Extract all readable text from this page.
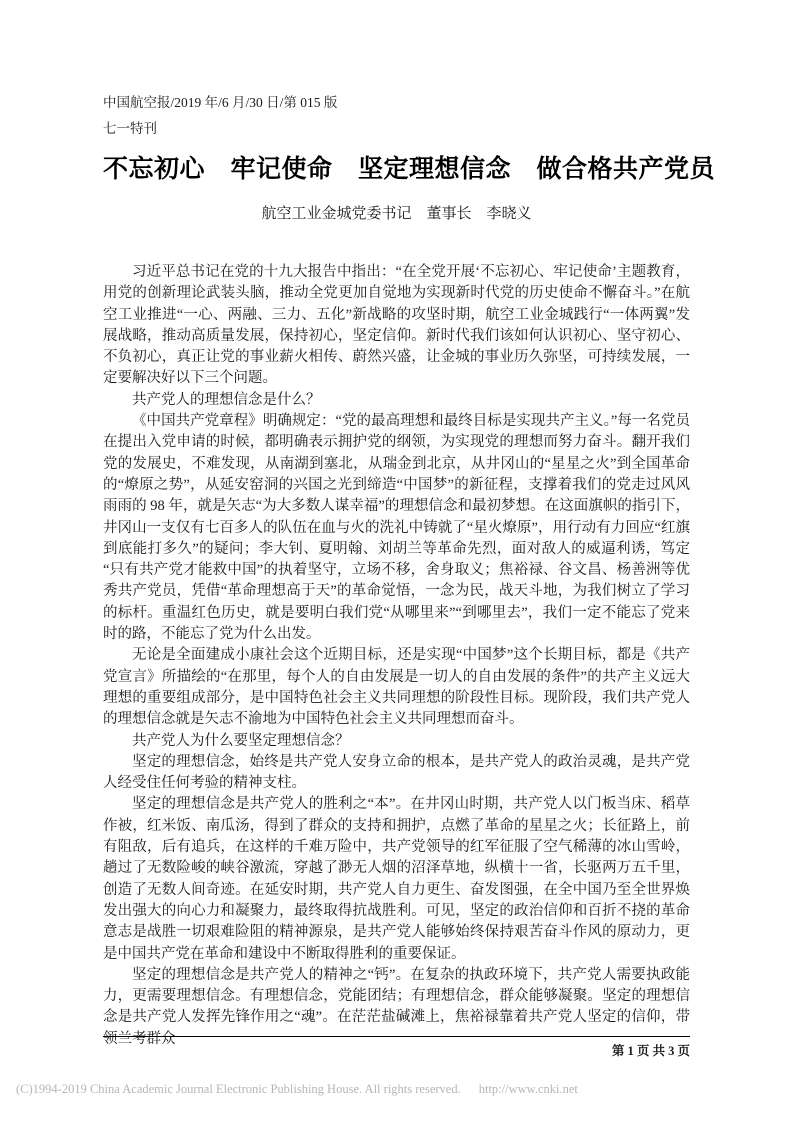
中国航空报/2019 年/6 月/30 日/第 015 版
七一特刊
不忘初心　牢记使命　坚定理想信念　做合格共产党员
航空工业金城党委书记　董事长　李晓义

习近平总书记在党的十九大报告中指出：“在全党开展‘不忘初心、牢记使命’主题教育，用党的创新理论武装头脑，推动全党更加自觉地为实现新时代党的历史使命不懈奋斗。”在航空工业推进“一心、两融、三力、五化”新战略的攻坚时期，航空工业金城践行“一体两翼”发展战略，推动高质量发展，保持初心，坚定信仰。新时代我们该如何认识初心、坚守初心、不负初心，真正让党的事业薪火相传、蔚然兴盛，让金城的事业历久弥坚，可持续发展，一定要解决好以下三个问题。

共产党人的理想信念是什么？

《中国共产党章程》明确规定：“党的最高理想和最终目标是实现共产主义。”每一名党员在提出入党申请的时候，都明确表示拥护党的纲领，为实现党的理想而努力奋斗。翻开我们党的发展史，不难发现，从南湖到塞北，从瑞金到北京，从井冈山的“星星之火”到全国革命的“燎原之势”，从延安窑洞的兴国之光到缔造“中国梦”的新征程，支撑着我们的党走过风风雨雨的 98 年，就是矢志“为大多数人谋幸福”的理想信念和最初梦想。在这面旗帜的指引下，井冈山一支仅有七百多人的队伍在血与火的洗礼中铸就了“星火燎原”，用行动有力回应“红旗到底能打多久”的疑问；李大钊、夏明翰、刘胡兰等革命先烈，面对敌人的威逼利诱，笃定“只有共产党才能救中国”的执着坚守，立场不移，舍身取义；焦裕禄、谷文昌、杨善洲等优秀共产党员，凭借“革命理想高于天”的革命觉悟，一念为民，战天斗地，为我们树立了学习的标杆。重温红色历史，就是要明白我们党“从哪里来”“到哪里去”，我们一定不能忘了党来时的路，不能忘了党为什么出发。

无论是全面建成小康社会这个近期目标，还是实现“中国梦”这个长期目标，都是《共产党宣言》所描绘的“在那里，每个人的自由发展是一切人的自由发展的条件”的共产主义远大理想的重要组成部分，是中国特色社会主义共同理想的阶段性目标。现阶段，我们共产党人的理想信念就是矢志不渝地为中国特色社会主义共同理想而奋斗。

共产党人为什么要坚定理想信念？

坚定的理想信念，始终是共产党人安身立命的根本，是共产党人的政治灵魂，是共产党人经受住任何考验的精神支柱。

坚定的理想信念是共产党人的胜利之“本”。在井冈山时期，共产党人以门板当床、稻草作被，红米饭、南瓜汤，得到了群众的支持和拥护，点燃了革命的星星之火；长征路上，前有阻敌，后有追兵，在这样的千难万险中，共产党领导的红军征服了空气稀薄的冰山雪岭，趟过了无数险峻的峡谷激流，穿越了渺无人烟的沼泽草地，纵横十一省，长驱两万五千里，创造了无数人间奇迹。在延安时期，共产党人自力更生、奋发图强，在全中国乃至全世界焕发出强大的向心力和凝聚力，最终取得抗战胜利。可见，坚定的政治信仰和百折不挠的革命意志是战胜一切艰难险阻的精神源泉，是共产党人能够始终保持艰苦奋斗作风的原动力，更是中国共产党在革命和建设中不断取得胜利的重要保证。

坚定的理想信念是共产党人的精神之“钙”。在复杂的执政环境下，共产党人需要执政能力，更需要理想信念。有理想信念，党能团结；有理想信念，群众能够凝聚。坚定的理想信念是共产党人发挥先锋作用之“魂”。在茫茫盐碱滩上，焦裕禄靠着共产党人坚定的信仰，带领兰考群众

第 1 页 共 3 页
(C)1994-2019 China Academic Journal Electronic Publishing House. All rights reserved. http://www.cnki.net
